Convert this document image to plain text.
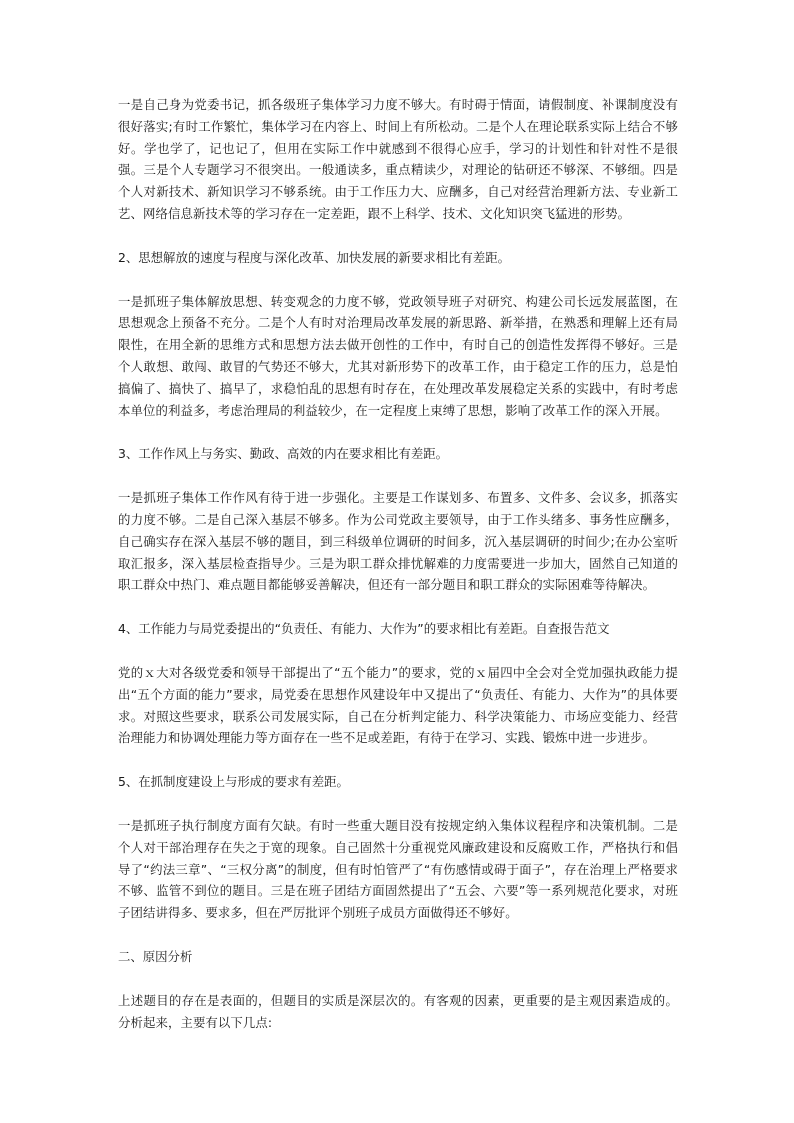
一是自己身为党委书记，抓各级班子集体学习力度不够大。有时碍于情面，请假制度、补课制度没有很好落实;有时工作繁忙，集体学习在内容上、时间上有所松动。二是个人在理论联系实际上结合不够好。学也学了，记也记了，但用在实际工作中就感到不很得心应手，学习的计划性和针对性不是很强。三是个人专题学习不很突出。一般通读多，重点精读少，对理论的钻研还不够深、不够细。四是个人对新技术、新知识学习不够系统。由于工作压力大、应酬多，自己对经营治理新方法、专业新工艺、网络信息新技术等的学习存在一定差距，跟不上科学、技术、文化知识突飞猛进的形势。

2、思想解放的速度与程度与深化改革、加快发展的新要求相比有差距。

一是抓班子集体解放思想、转变观念的力度不够，党政领导班子对研究、构建公司长远发展蓝图，在思想观念上预备不充分。二是个人有时对治理局改革发展的新思路、新举措，在熟悉和理解上还有局限性，在用全新的思维方式和思想方法去做开创性的工作中，有时自己的创造性发挥得不够好。三是个人敢想、敢闯、敢冒的气势还不够大，尤其对新形势下的改革工作，由于稳定工作的压力，总是怕搞偏了、搞快了、搞早了，求稳怕乱的思想有时存在，在处理改革发展稳定关系的实践中，有时考虑本单位的利益多，考虑治理局的利益较少，在一定程度上束缚了思想，影响了改革工作的深入开展。

3、工作作风上与务实、勤政、高效的内在要求相比有差距。

一是抓班子集体工作作风有待于进一步强化。主要是工作谋划多、布置多、文件多、会议多，抓落实的力度不够。二是自己深入基层不够多。作为公司党政主要领导，由于工作头绪多、事务性应酬多，自己确实存在深入基层不够的题目，到三科级单位调研的时间多，沉入基层调研的时间少;在办公室听取汇报多，深入基层检查指导少。三是为职工群众排忧解难的力度需要进一步加大，固然自己知道的职工群众中热门、难点题目都能够妥善解决，但还有一部分题目和职工群众的实际困难等待解决。

4、工作能力与局党委提出的“负责任、有能力、大作为”的要求相比有差距。自查报告范文

党的ｘ大对各级党委和领导干部提出了“五个能力”的要求，党的ｘ届四中全会对全党加强执政能力提出“五个方面的能力”要求，局党委在思想作风建设年中又提出了“负责任、有能力、大作为”的具体要求。对照这些要求，联系公司发展实际，自己在分析判定能力、科学决策能力、市场应变能力、经营治理能力和协调处理能力等方面存在一些不足或差距，有待于在学习、实践、锻炼中进一步进步。

5、在抓制度建设上与形成的要求有差距。

一是抓班子执行制度方面有欠缺。有时一些重大题目没有按规定纳入集体议程程序和决策机制。二是个人对干部治理存在失之于宽的现象。自己固然十分重视党风廉政建设和反腐败工作，严格执行和倡导了“约法三章”、“三权分离”的制度，但有时怕管严了“有伤感情或碍于面子”，存在治理上严格要求不够、监管不到位的题目。三是在班子团结方面固然提出了“五会、六要”等一系列规范化要求，对班子团结讲得多、要求多，但在严厉批评个别班子成员方面做得还不够好。

二、原因分析

上述题目的存在是表面的，但题目的实质是深层次的。有客观的因素，更重要的是主观因素造成的。分析起来，主要有以下几点:
